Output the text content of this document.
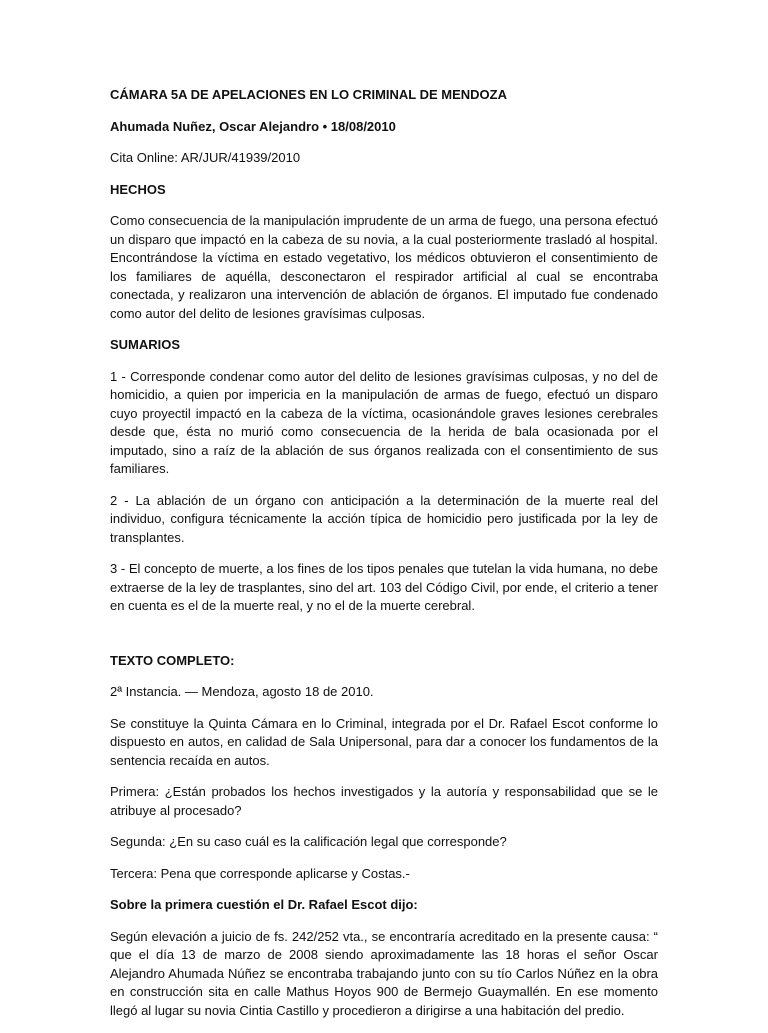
CÁMARA 5A DE APELACIONES EN LO CRIMINAL DE MENDOZA

Ahumada Nuñez, Oscar Alejandro • 18/08/2010

Cita Online: AR/JUR/41939/2010

HECHOS

Como consecuencia de la manipulación imprudente de un arma de fuego, una persona efectuó un disparo que impactó en la cabeza de su novia, a la cual posteriormente trasladó al hospital. Encontrándose la víctima en estado vegetativo, los médicos obtuvieron el consentimiento de los familiares de aquélla, desconectaron el respirador artificial al cual se encontraba conectada, y realizaron una intervención de ablación de órganos. El imputado fue condenado como autor del delito de lesiones gravísimas culposas.

SUMARIOS

1 - Corresponde condenar como autor del delito de lesiones gravísimas culposas, y no del de homicidio, a quien por impericia en la manipulación de armas de fuego, efectuó un disparo cuyo proyectil impactó en la cabeza de la víctima, ocasionándole graves lesiones cerebrales desde que, ésta no murió como consecuencia de la herida de bala ocasionada por el imputado, sino a raíz de la ablación de sus órganos realizada con el consentimiento de sus familiares.

2 - La ablación de un órgano con anticipación a la determinación de la muerte real del individuo, configura técnicamente la acción típica de homicidio pero justificada por la ley de transplantes.

3 - El concepto de muerte, a los fines de los tipos penales que tutelan la vida humana, no debe extraerse de la ley de trasplantes, sino del art. 103 del Código Civil, por ende, el criterio a tener en cuenta es el de la muerte real, y no el de la muerte cerebral.

TEXTO COMPLETO:

2ª Instancia. — Mendoza, agosto 18 de 2010.

Se constituye la Quinta Cámara en lo Criminal, integrada por el Dr. Rafael Escot conforme lo dispuesto en autos, en calidad de Sala Unipersonal, para dar a conocer los fundamentos de la sentencia recaída en autos.

Primera: ¿Están probados los hechos investigados y la autoría y responsabilidad que se le atribuye al procesado?

Segunda: ¿En su caso cuál es la calificación legal que corresponde?

Tercera: Pena que corresponde aplicarse y Costas.-

Sobre la primera cuestión el Dr. Rafael Escot dijo:

Según elevación a juicio de fs. 242/252 vta., se encontraría acreditado en la presente causa: “ que el día 13 de marzo de 2008 siendo aproximadamente las 18 horas el señor Oscar Alejandro Ahumada Núñez se encontraba trabajando junto con su tío Carlos Núñez en la obra en construcción sita en calle Mathus Hoyos 900 de Bermejo Guaymallén. En ese momento llegó al lugar su novia Cintia Castillo y procedieron a dirigirse a una habitación del predio.
